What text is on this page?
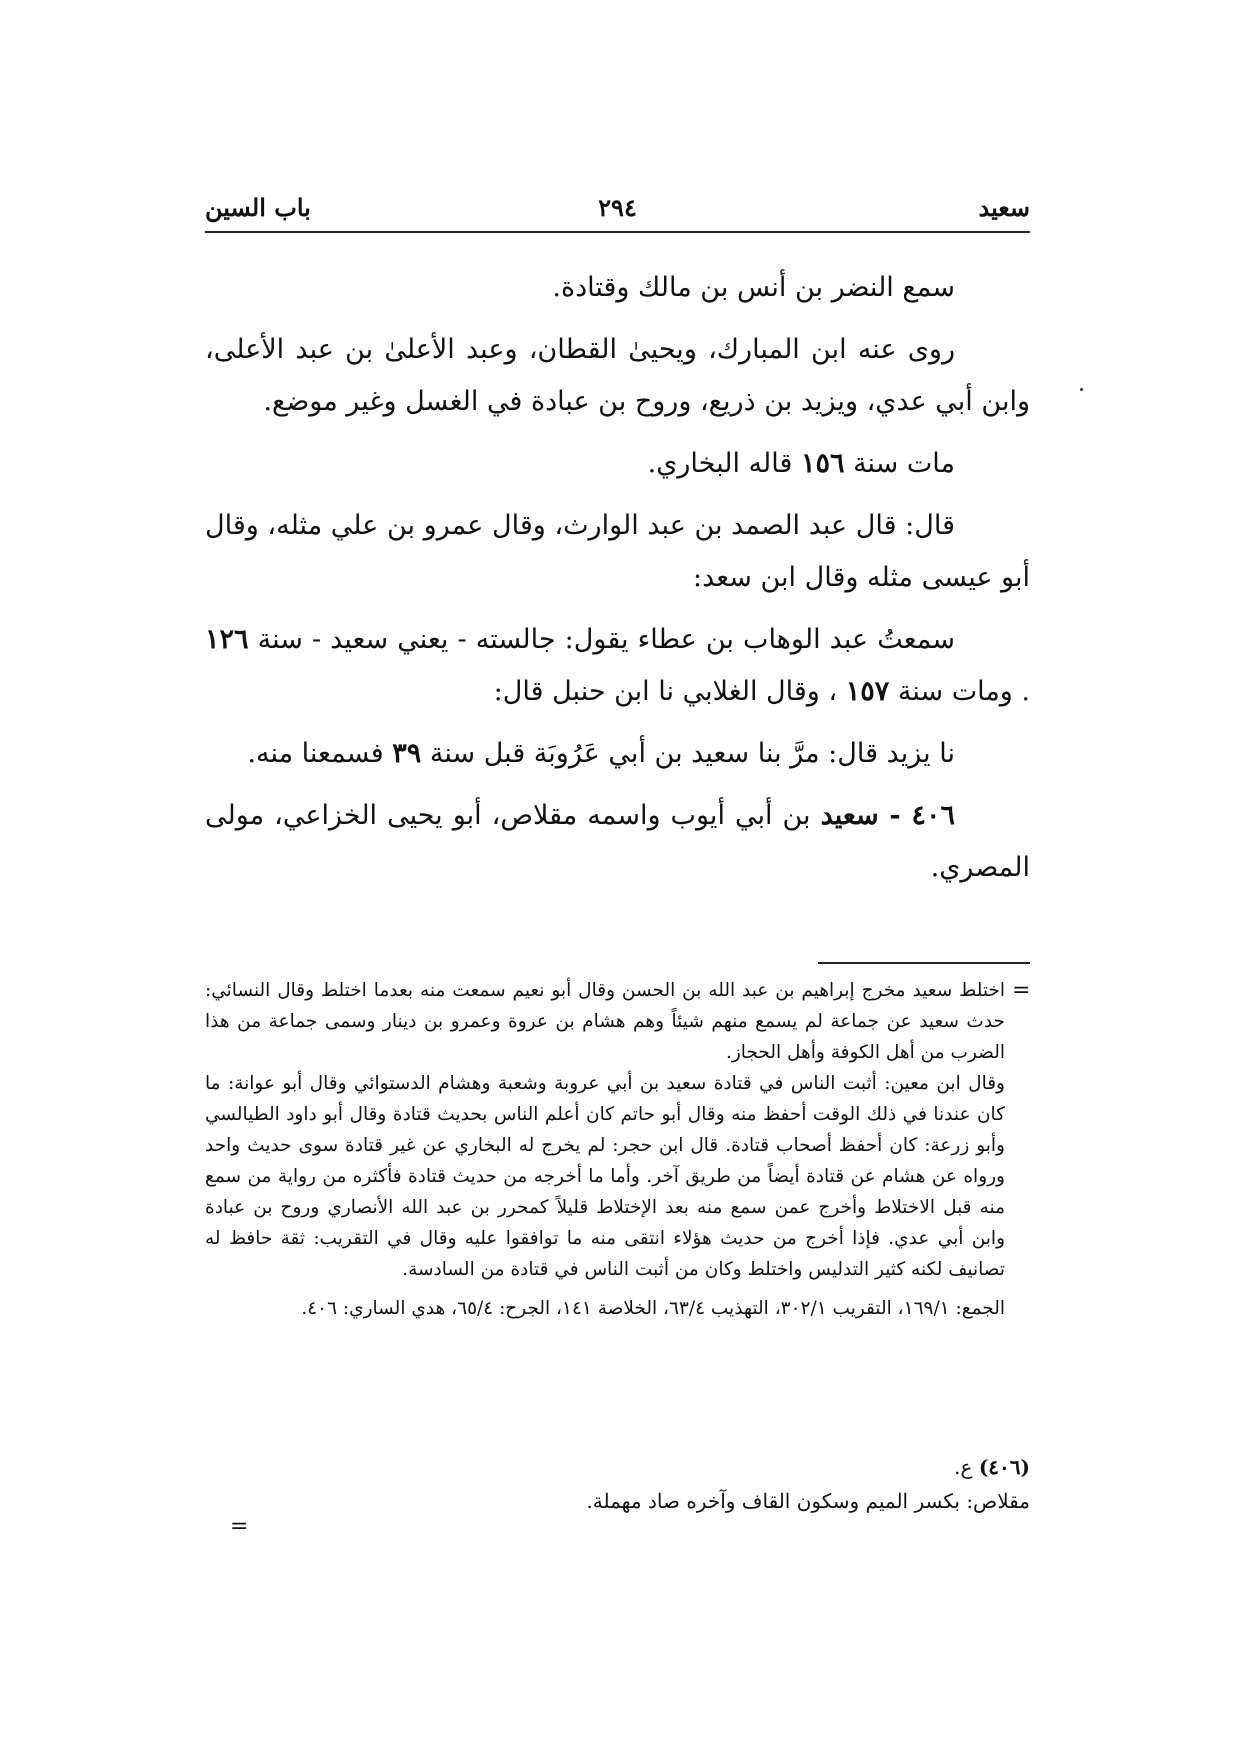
سعيد
٢٩٤
باب السين

سمع النضر بن أنس بن مالك وقتادة.

روى عنه ابن المبارك، ويحيىٰ القطان، وعبد الأعلىٰ بن عبد الأعلى، وابن أبي عدي، ويزيد بن ذريع، وروح بن عبادة في الغسل وغير موضع.

مات سنة ١٥٦ قاله البخاري.

قال: قال عبد الصمد بن عبد الوارث، وقال عمرو بن علي مثله، وقال أبو عيسى مثله وقال ابن سعد:

سمعتُ عبد الوهاب بن عطاء يقول: جالسته - يعني سعيد - سنة ١٢٦ . ومات سنة ١٥٧ ، وقال الغلابي نا ابن حنبل قال:

نا يزيد قال: مرَّ بنا سعيد بن أبي عَرُوبَة قبل سنة ٣٩ فسمعنا منه.

٤٠٦ - سعيد بن أبي أيوب واسمه مقلاص، أبو يحيى الخزاعي، مولى المصري.

=

اختلط سعيد مخرج إبراهيم بن عبد الله بن الحسن وقال أبو نعيم سمعت منه بعدما اختلط وقال النسائي: حدث سعيد عن جماعة لم يسمع منهم شيئاً وهم هشام بن عروة وعمرو بن دينار وسمى جماعة من هذا الضرب من أهل الكوفة وأهل الحجاز.

وقال ابن معين: أثبت الناس في قتادة سعيد بن أبي عروبة وشعبة وهشام الدستوائي وقال أبو عوانة: ما كان عندنا في ذلك الوقت أحفظ منه وقال أبو حاتم كان أعلم الناس بحديث قتادة وقال أبو داود الطيالسي وأبو زرعة: كان أحفظ أصحاب قتادة. قال ابن حجر: لم يخرج له البخاري عن غير قتادة سوى حديث واحد ورواه عن هشام عن قتادة أيضاً من طريق آخر. وأما ما أخرجه من حديث قتادة فأكثره من رواية من سمع منه قبل الاختلاط وأخرج عمن سمع منه بعد الإختلاط قليلاً كمحرر بن عبد الله الأنصاري وروح بن عبادة وابن أبي عدي. فإذا أخرج من حديث هؤلاء انتقى منه ما توافقوا عليه وقال في التقريب: ثقة حافظ له تصانيف لكنه كثير التدليس واختلط وكان من أثبت الناس في قتادة من السادسة.

الجمع: ١٦٩/١، التقريب ٣٠٢/١، التهذيب ٦٣/٤، الخلاصة ١٤١، الجرح: ٦٥/٤، هدي الساري: ٤٠٦.

(٤٠٦) ع.

مقلاص: بكسر الميم وسكون القاف وآخره صاد مهملة.

=
